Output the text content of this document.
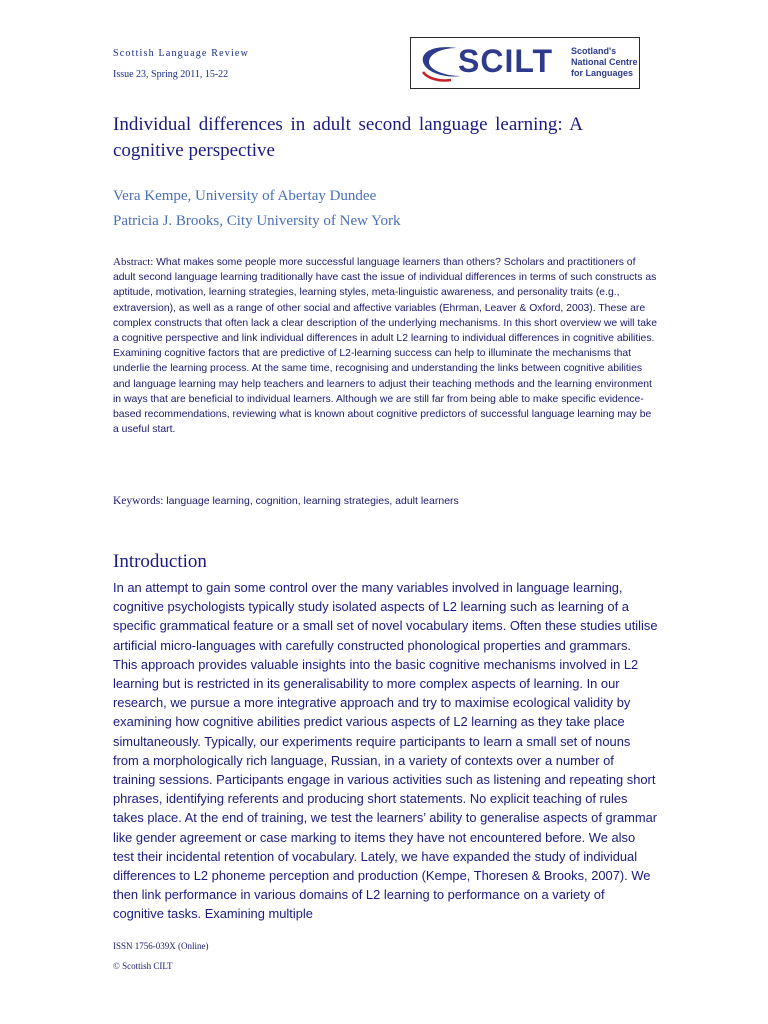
Scottish Language Review
Issue 23, Spring 2011, 15-22	SCILT Scotland's
National Centre
for Languages
Individual differences in adult second language learning: A cognitive perspective
Vera Kempe, University of Abertay Dundee
Patricia J. Brooks, City University of New York

Abstract: What makes some people more successful language learners than others? Scholars and practitioners of adult second language learning traditionally have cast the issue of individual differences in terms of such constructs as aptitude, motivation, learning strategies, learning styles, meta-linguistic awareness, and personality traits (e.g., extraversion), as well as a range of other social and affective variables (Ehrman, Leaver & Oxford, 2003). These are complex constructs that often lack a clear description of the underlying mechanisms. In this short overview we will take a cognitive perspective and link individual differences in adult L2 learning to individual differences in cognitive abilities. Examining cognitive factors that are predictive of L2-learning success can help to illuminate the mechanisms that underlie the learning process. At the same time, recognising and understanding the links between cognitive abilities and language learning may help teachers and learners to adjust their teaching methods and the learning environment in ways that are beneficial to individual learners. Although we are still far from being able to make specific evidence-based recommendations, reviewing what is known about cognitive predictors of successful language learning may be a useful start.

Keywords: language learning, cognition, learning strategies, adult learners
Introduction

In an attempt to gain some control over the many variables involved in language learning, cognitive psychologists typically study isolated aspects of L2 learning such as learning of a specific grammatical feature or a small set of novel vocabulary items. Often these studies utilise artificial micro-languages with carefully constructed phonological properties and grammars. This approach provides valuable insights into the basic cognitive mechanisms involved in L2 learning but is restricted in its generalisability to more complex aspects of learning. In our research, we pursue a more integrative approach and try to maximise ecological validity by examining how cognitive abilities predict various aspects of L2 learning as they take place simultaneously. Typically, our experiments require participants to learn a small set of nouns from a morphologically rich language, Russian, in a variety of contexts over a number of training sessions. Participants engage in various activities such as listening and repeating short phrases, identifying referents and producing short statements. No explicit teaching of rules takes place. At the end of training, we test the learners’ ability to generalise aspects of grammar like gender agreement or case marking to items they have not encountered before. We also test their incidental retention of vocabulary. Lately, we have expanded the study of individual differences to L2 phoneme perception and production (Kempe, Thoresen & Brooks, 2007). We then link performance in various domains of L2 learning to performance on a variety of cognitive tasks. Examining multiple

ISSN 1756-039X (Online)
© Scottish CILT
